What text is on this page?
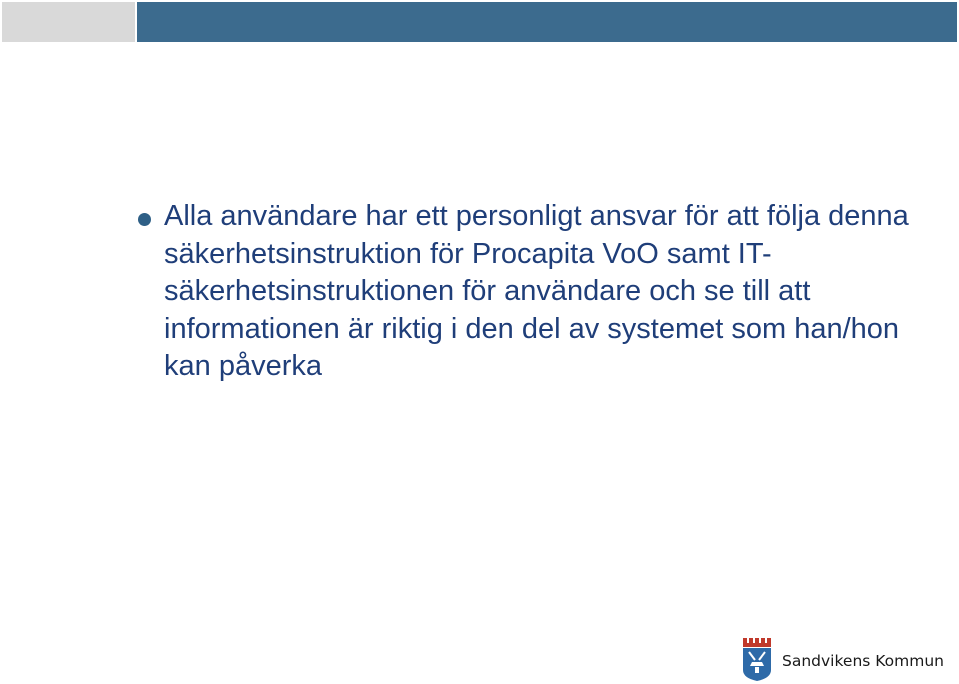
Alla användare har ett personligt ansvar för att följa denna säkerhetsinstruktion för Procapita VoO samt IT-säkerhetsinstruktionen för användare och se till att informationen är riktig i den del av systemet som han/hon kan påverka
Sandvikens Kommun
